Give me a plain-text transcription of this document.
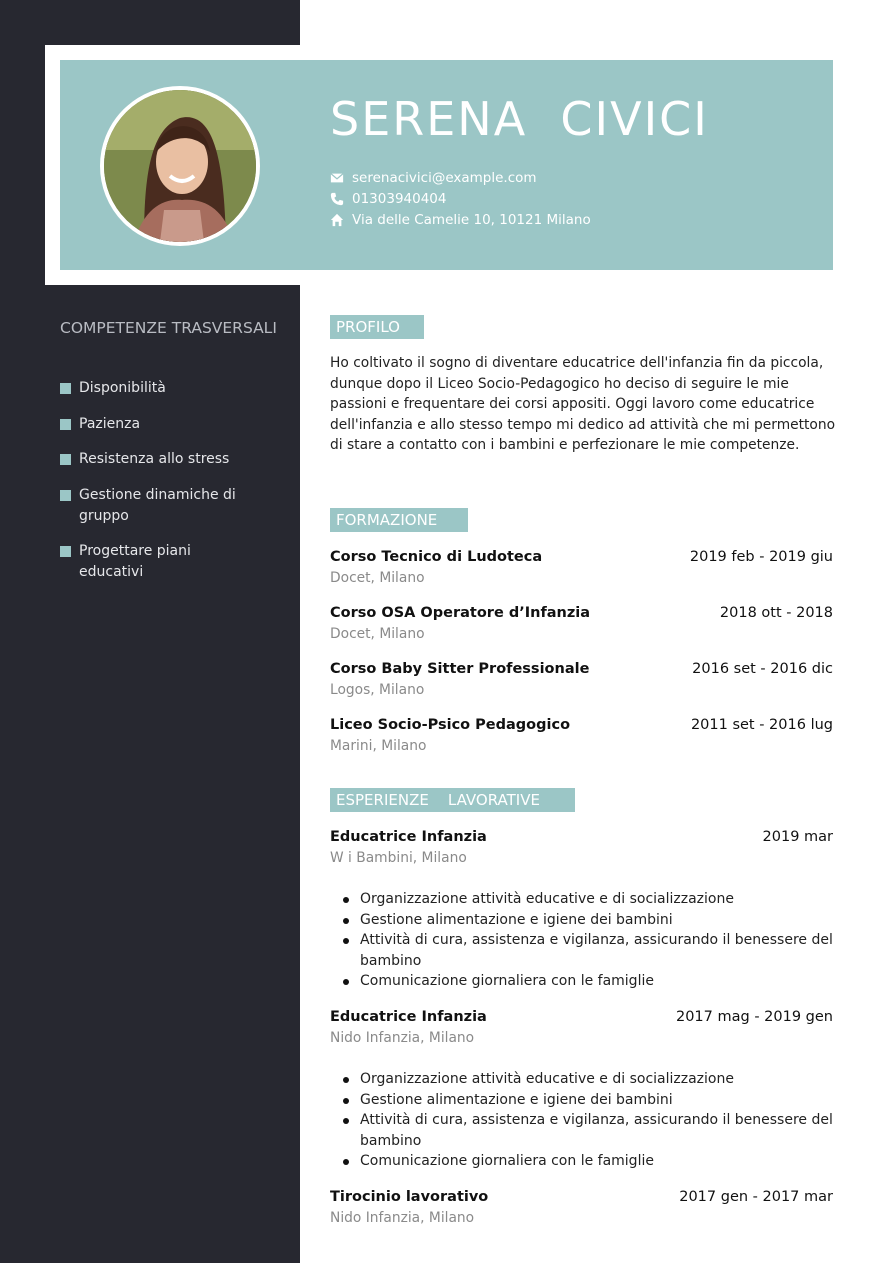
SERENA  CIVICI
serenacivici@example.com
01303940404
Via delle Camelie 10, 10121 Milano
COMPETENZE TRASVERSALI
Disponibilità
Pazienza
Resistenza allo stress
Gestione dinamiche di gruppo
Progettare piani educativi
PROFILO

Ho coltivato il sogno di diventare educatrice dell'infanzia fin da piccola, dunque dopo il Liceo Socio-Pedagogico ho deciso di seguire le mie passioni e frequentare dei corsi appositi. Oggi lavoro come educatrice dell'infanzia e allo stesso tempo mi dedico ad attività che mi permettono di stare a contatto con i bambini e perfezionare le mie competenze.

FORMAZIONE
Corso Tecnico di Ludoteca	2019 feb - 2019 giu
Docet, Milano
Corso OSA Operatore d’Infanzia	2018 ott - 2018
Docet, Milano
Corso Baby Sitter Professionale	2016 set - 2016 dic
Logos, Milano
Liceo Socio-Psico Pedagogico	2011 set - 2016 lug
Marini, Milano
ESPERIENZE    LAVORATIVE
Educatrice Infanzia	2019 mar
W i Bambini, Milano
Organizzazione attività educative e di socializzazione
Gestione alimentazione e igiene dei bambini
Attività di cura, assistenza e vigilanza, assicurando il benessere del bambino
Comunicazione giornaliera con le famiglie
Educatrice Infanzia	2017 mag - 2019 gen
Nido Infanzia, Milano
Organizzazione attività educative e di socializzazione
Gestione alimentazione e igiene dei bambini
Attività di cura, assistenza e vigilanza, assicurando il benessere del bambino
Comunicazione giornaliera con le famiglie
Tirocinio lavorativo	2017 gen - 2017 mar
Nido Infanzia, Milano
